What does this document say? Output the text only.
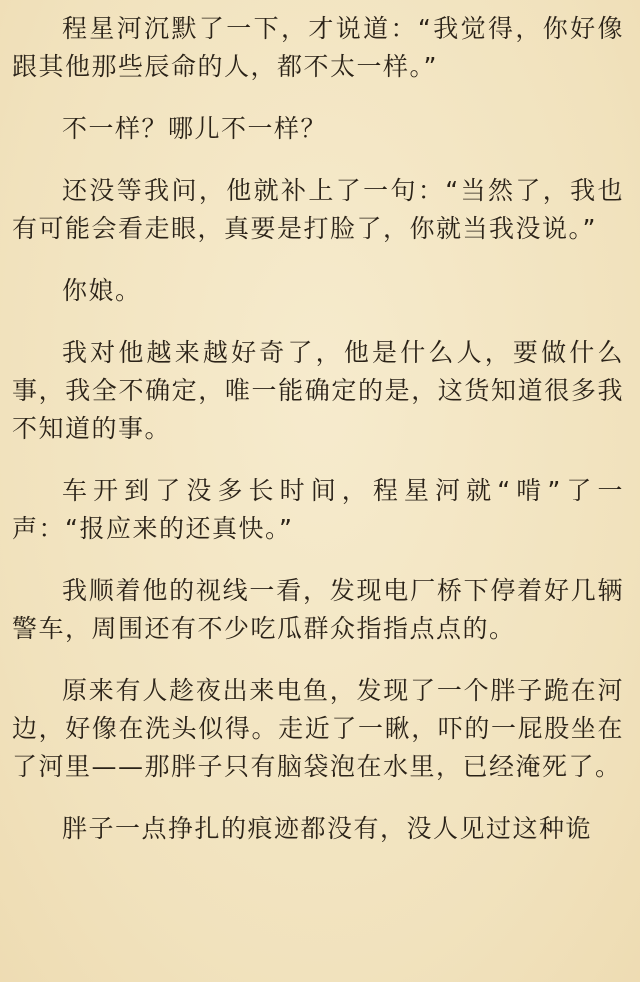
程星河沉默了一下，才说道：“我觉得，你好像跟其他那些辰命的人，都不太一样。”

不一样？哪儿不一样？

还没等我问，他就补上了一句：“当然了，我也有可能会看走眼，真要是打脸了，你就当我没说。”

你娘。

我对他越来越好奇了，他是什么人，要做什么事，我全不确定，唯一能确定的是，这货知道很多我不知道的事。

车开到了没多长时间，程星河就“啃”了一声：“报应来的还真快。”

我顺着他的视线一看，发现电厂桥下停着好几辆警车，周围还有不少吃瓜群众指指点点的。

原来有人趁夜出来电鱼，发现了一个胖子跪在河边，好像在洗头似得。走近了一瞅，吓的一屁股坐在了河里——那胖子只有脑袋泡在水里，已经淹死了。

胖子一点挣扎的痕迹都没有，没人见过这种诡
